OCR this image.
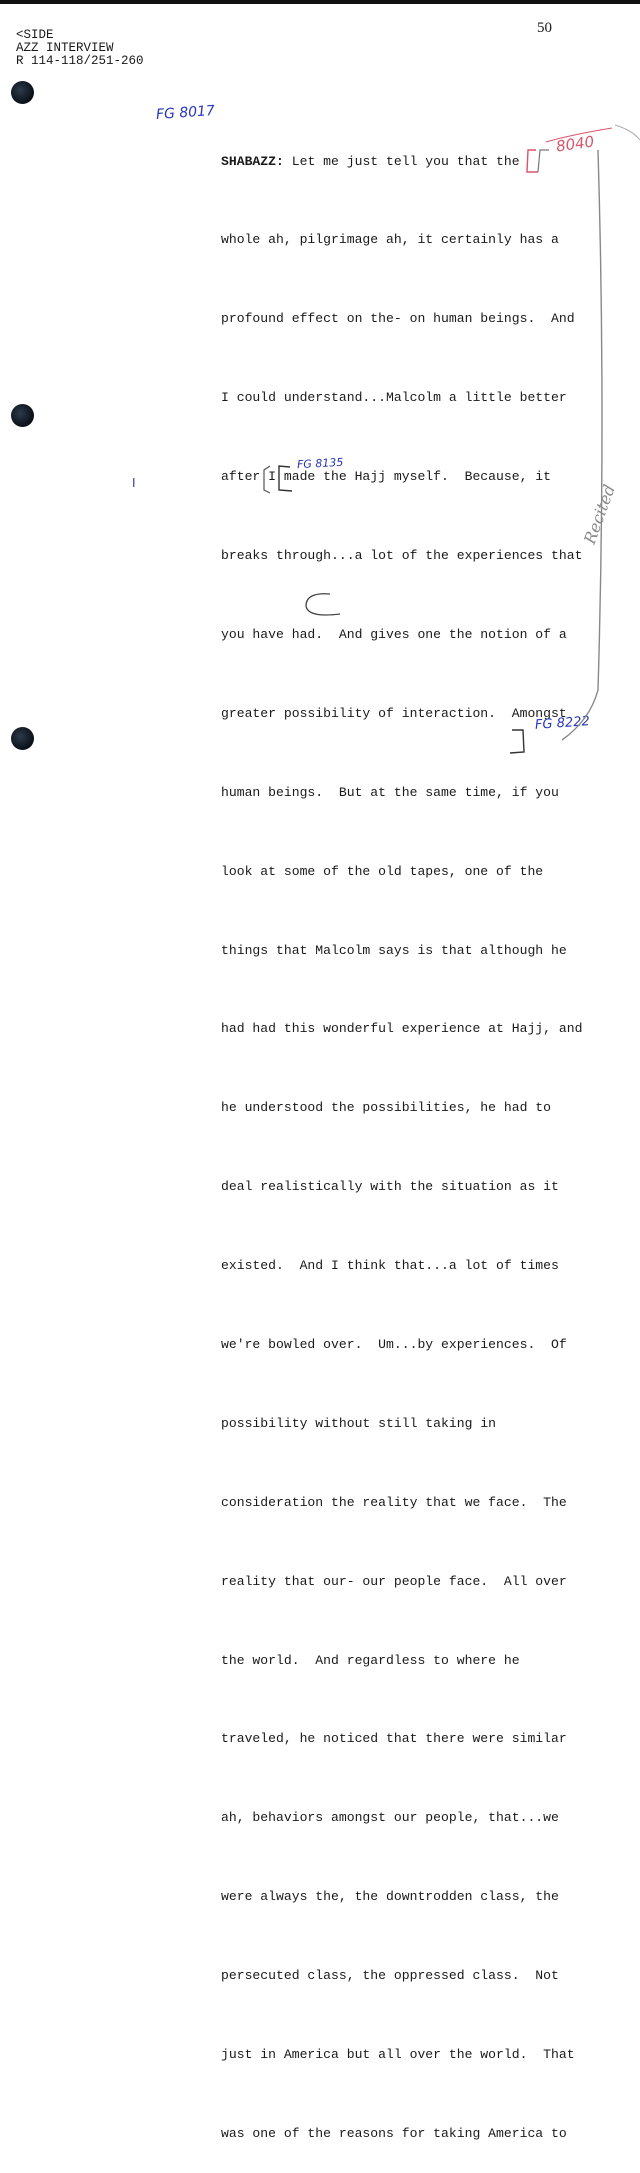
<SIDE
AZZ INTERVIEW
R 114-118/251-260
50

SHABAZZ: Let me just tell you that the

whole ah, pilgrimage ah, it certainly has a

profound effect on the- on human beings.  And

I could understand...Malcolm a little better

after I made the Hajj myself.  Because, it

breaks through...a lot of the experiences that

you have had.  And gives one the notion of a

greater possibility of interaction.  Amongst

human beings.  But at the same time, if you

look at some of the old tapes, one of the

things that Malcolm says is that although he

had had this wonderful experience at Hajj, and

he understood the possibilities, he had to

deal realistically with the situation as it

existed.  And I think that...a lot of times

we're bowled over.  Um...by experiences.  Of

possibility without still taking in

consideration the reality that we face.  The

reality that our- our people face.  All over

the world.  And regardless to where he

traveled, he noticed that there were similar

ah, behaviors amongst our people, that...we

were always the, the downtrodden class, the

persecuted class, the oppressed class.  Not

just in America but all over the world.  That

was one of the reasons for taking America to

FG 8017
FG 8135
FG 8222
8040
Recited
I
